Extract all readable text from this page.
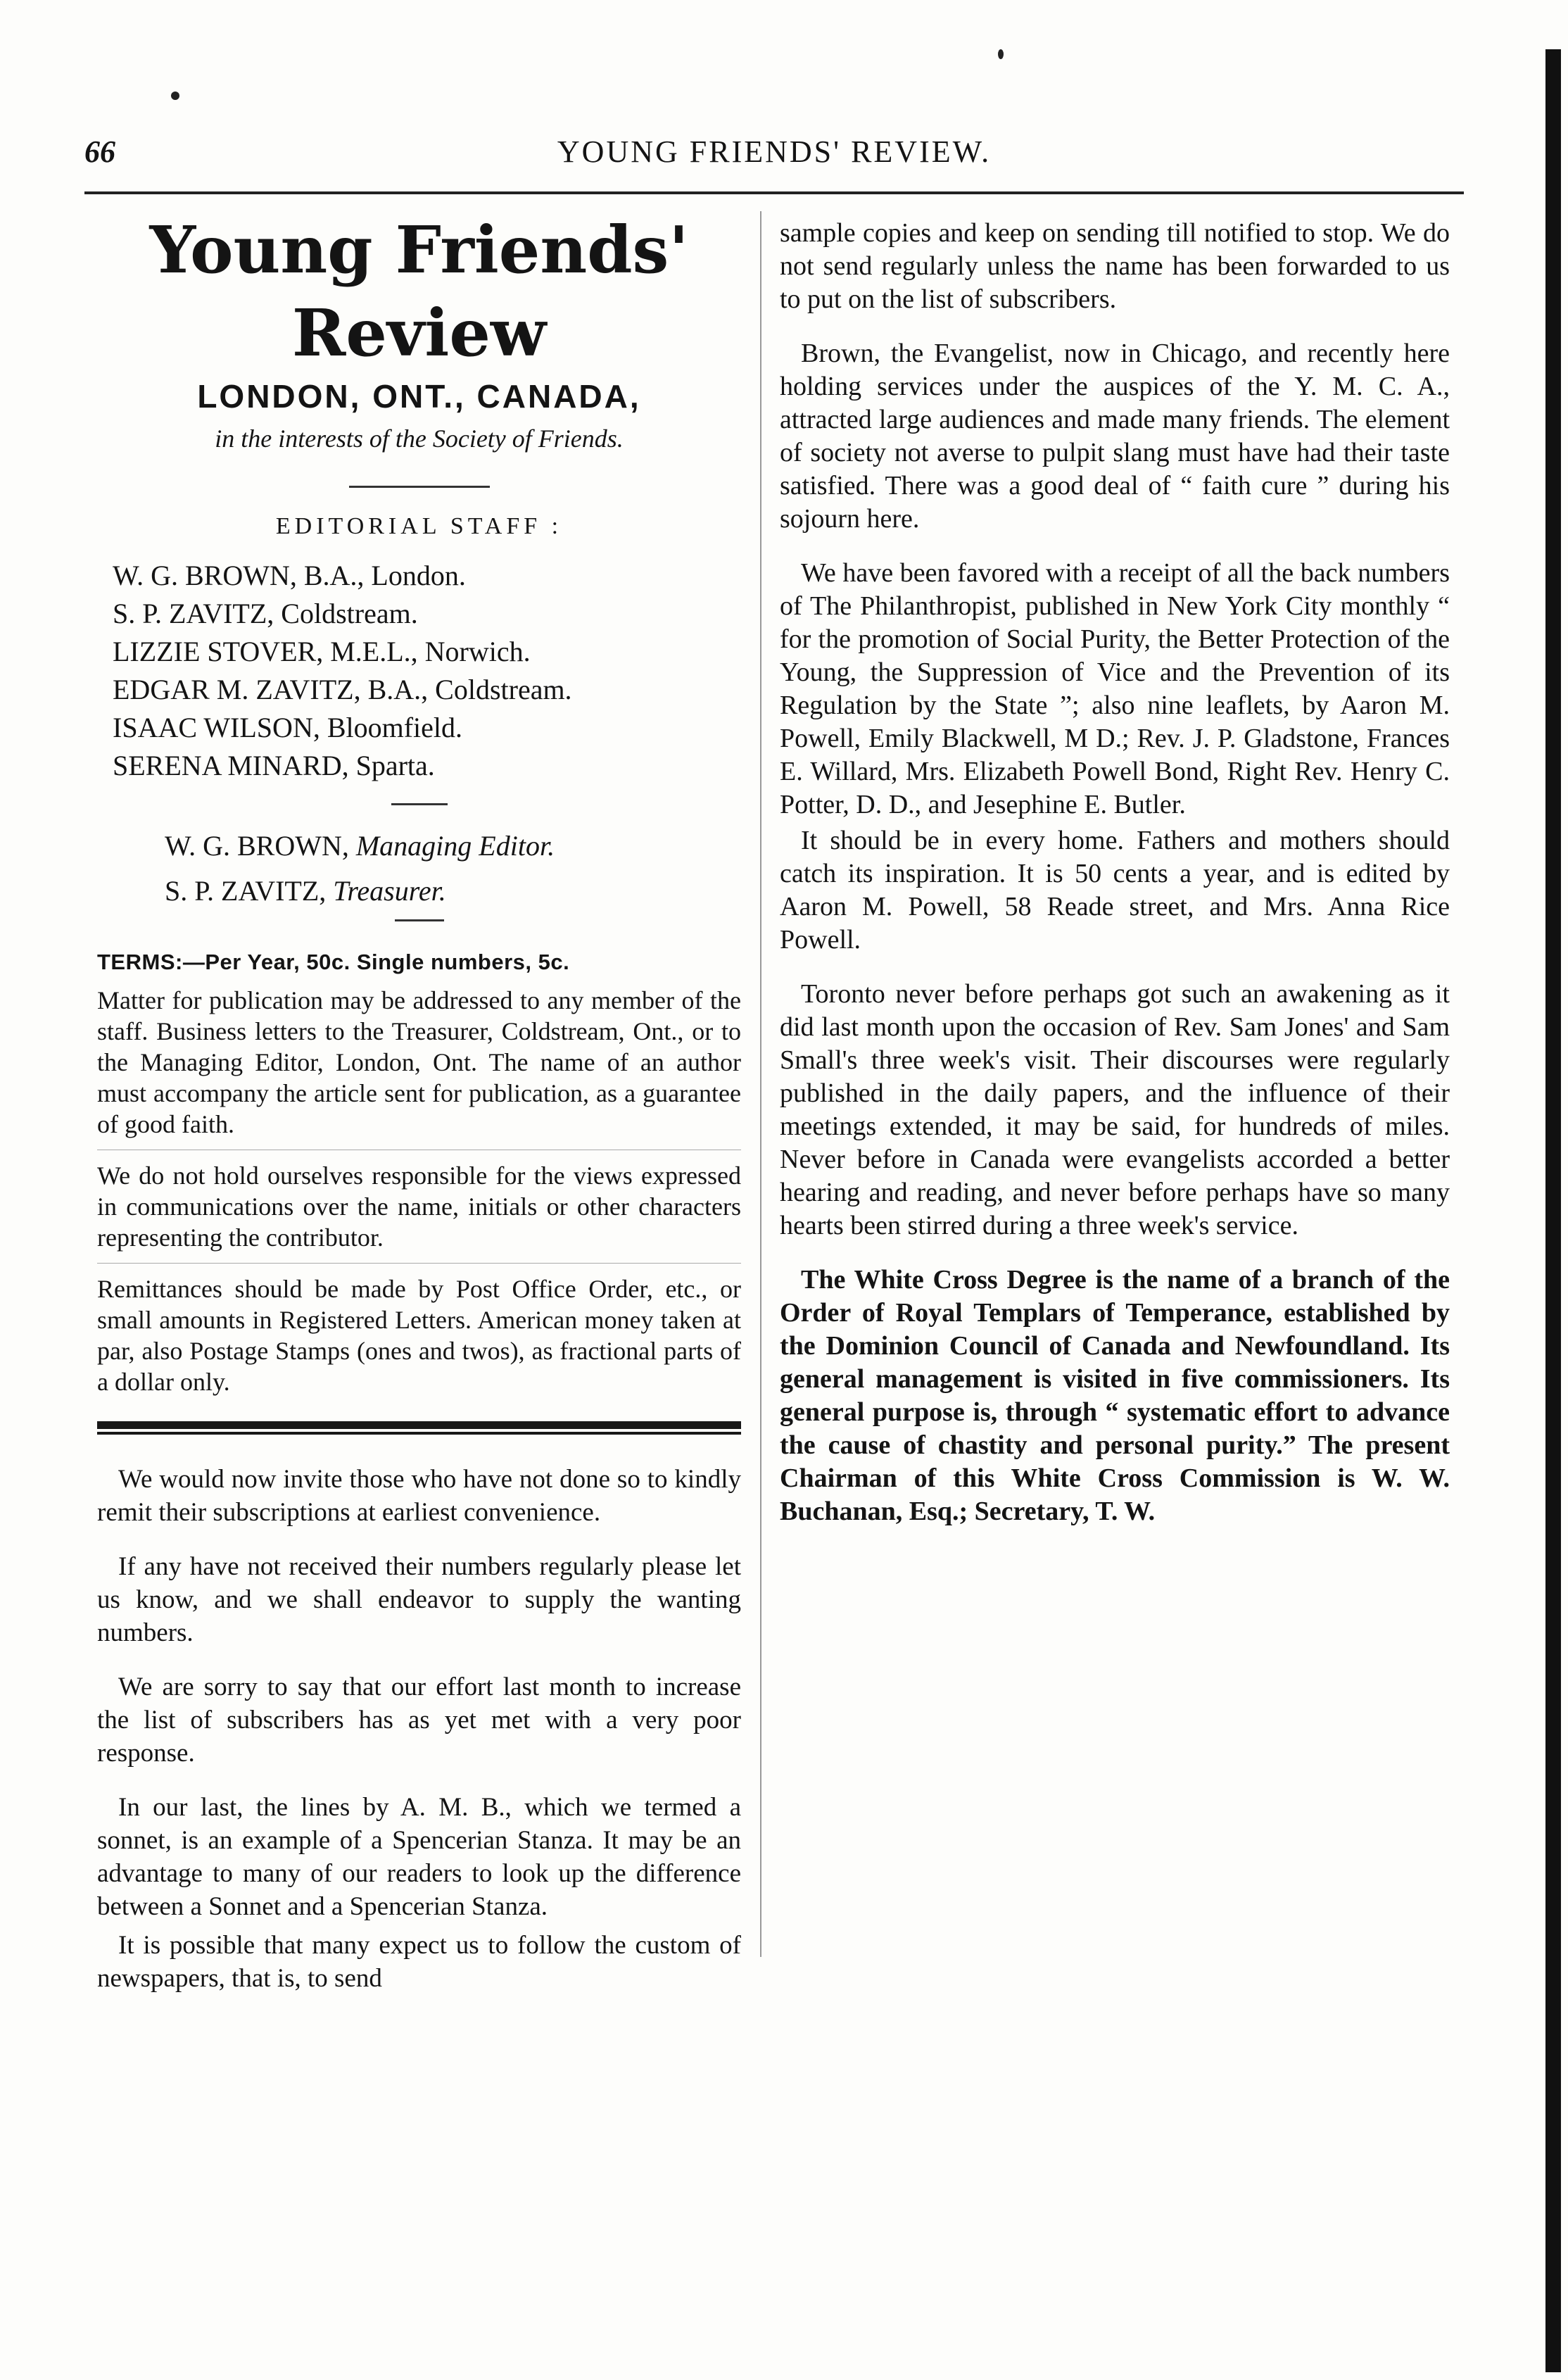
66	YOUNG FRIENDS' REVIEW.
Young Friends' Review
LONDON, ONT., CANADA,
in the interests of the Society of Friends.
EDITORIAL STAFF :
W. G. BROWN, B.A., London.
S. P. ZAVITZ, Coldstream.
LIZZIE STOVER, M.E.L., Norwich.
EDGAR M. ZAVITZ, B.A., Coldstream.
ISAAC WILSON, Bloomfield.
SERENA MINARD, Sparta.
W. G. BROWN, Managing Editor.
S. P. ZAVITZ, Treasurer.
TERMS:—Per Year, 50c. Single numbers, 5c.

Matter for publication may be addressed to any member of the staff. Business letters to the Treasurer, Coldstream, Ont., or to the Managing Editor, London, Ont. The name of an author must accompany the article sent for publication, as a guarantee of good faith.

We do not hold ourselves responsible for the views expressed in communications over the name, initials or other characters representing the contributor.

Remittances should be made by Post Office Order, etc., or small amounts in Registered Letters. American money taken at par, also Postage Stamps (ones and twos), as fractional parts of a dollar only.

We would now invite those who have not done so to kindly remit their subscriptions at earliest convenience.

If any have not received their numbers regularly please let us know, and we shall endeavor to supply the wanting numbers.

We are sorry to say that our effort last month to increase the list of subscribers has as yet met with a very poor response.

In our last, the lines by A. M. B., which we termed a sonnet, is an example of a Spencerian Stanza. It may be an advantage to many of our readers to look up the difference between a Sonnet and a Spencerian Stanza.

It is possible that many expect us to follow the custom of newspapers, that is, to send

sample copies and keep on sending till notified to stop. We do not send regularly unless the name has been forwarded to us to put on the list of subscribers.

Brown, the Evangelist, now in Chicago, and recently here holding services under the auspices of the Y. M. C. A., attracted large audiences and made many friends. The element of society not averse to pulpit slang must have had their taste satisfied. There was a good deal of “ faith cure ” during his sojourn here.

We have been favored with a receipt of all the back numbers of The Philanthropist, published in New York City monthly “ for the promotion of Social Purity, the Better Protection of the Young, the Suppression of Vice and the Prevention of its Regulation by the State ”; also nine leaflets, by Aaron M. Powell, Emily Blackwell, M D.; Rev. J. P. Gladstone, Frances E. Willard, Mrs. Elizabeth Powell Bond, Right Rev. Henry C. Potter, D. D., and Jesephine E. Butler.

It should be in every home. Fathers and mothers should catch its inspiration. It is 50 cents a year, and is edited by Aaron M. Powell, 58 Reade street, and Mrs. Anna Rice Powell.

Toronto never before perhaps got such an awakening as it did last month upon the occasion of Rev. Sam Jones' and Sam Small's three week's visit. Their discourses were regularly published in the daily papers, and the influence of their meetings extended, it may be said, for hundreds of miles. Never before in Canada were evangelists accorded a better hearing and reading, and never before perhaps have so many hearts been stirred during a three week's service.

The White Cross Degree is the name of a branch of the Order of Royal Templars of Temperance, established by the Dominion Council of Canada and Newfoundland. Its general management is visited in five commissioners. Its general purpose is, through “ systematic effort to advance the cause of chastity and personal purity.” The present Chairman of this White Cross Commission is W. W. Buchanan, Esq.; Secretary, T. W.
